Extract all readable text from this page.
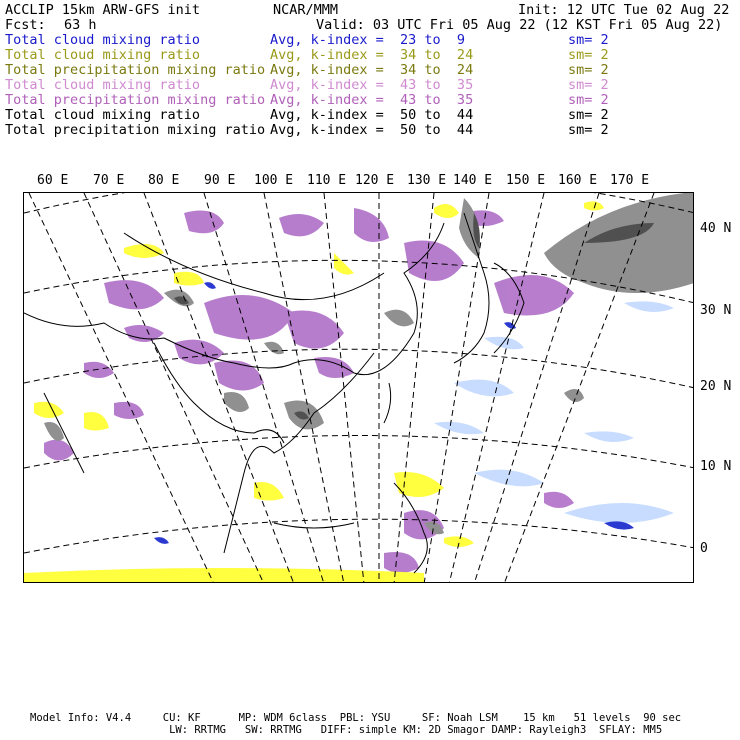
ACCLIP 15km ARW-GFS init	NCAR/MMM	Init: 12 UTC Tue 02 Aug 22
Fcst: 63 h	Valid: 03 UTC Fri 05 Aug 22 (12 KST Fri 05 Aug 22)
Total cloud mixing ratio	Avg, k-index =  23 to  9	sm= 2
Total cloud mixing ratio	Avg, k-index =  34 to  24	sm= 2
Total precipitation mixing ratio Avg, k-index =  34 to  24	sm= 2
Total cloud mixing ratio	Avg, k-index =  43 to  35	sm= 2
Total precipitation mixing ratio Avg, k-index =  43 to  35	sm= 2
Total cloud mixing ratio	Avg, k-index =  50 to  44	sm= 2
Total precipitation mixing ratio Avg, k-index =  50 to  44	sm= 2
60 E 70 E 80 E 90 E 100 E 110 E 120 E 130 E 140 E 150 E 160 E 170 E
40 N
30 N
20 N
10 N
0
Model Info: V4.4     CU: KF      MP: WDM 6class  PBL: YSU     SF: Noah LSM    15 km   51 levels  90 sec
LW: RRTMG   SW: RRTMG   DIFF: simple KM: 2D Smagor DAMP: Rayleigh3  SFLAY: MM5
